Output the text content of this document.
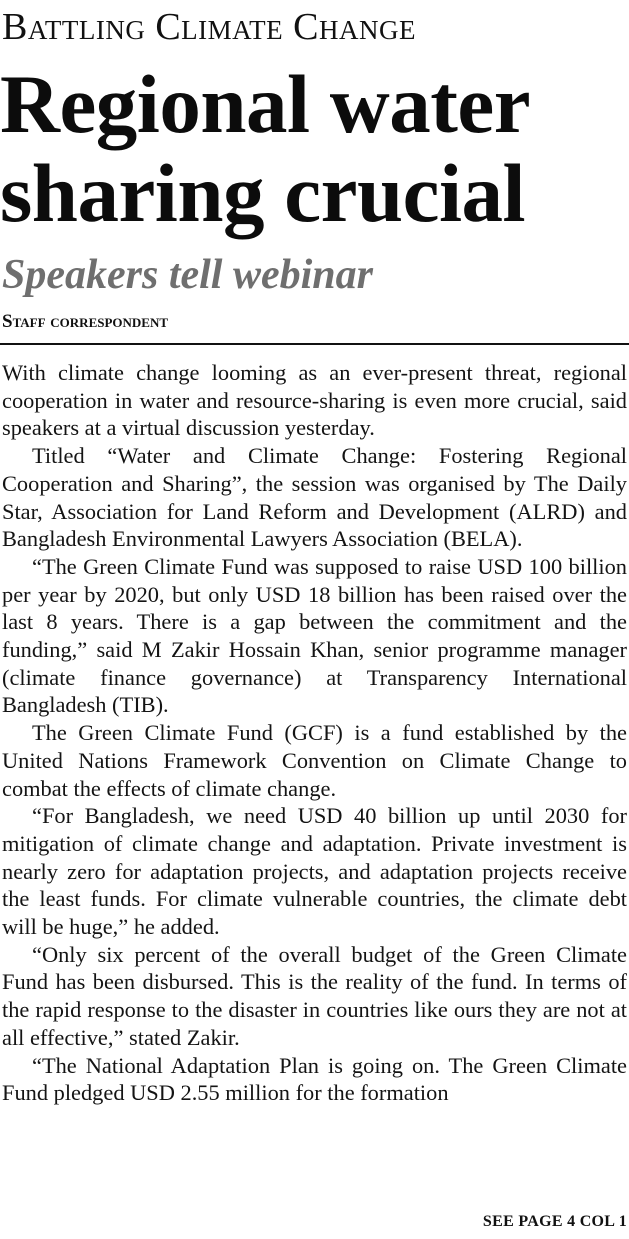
Battling Climate Change
Regional water
sharing crucial
Speakers tell webinar
Staff correspondent

With climate change looming as an ever-present threat, regional cooperation in water and resource-sharing is even more crucial, said speakers at a virtual discussion yesterday.

Titled “Water and Climate Change: Fostering Regional Cooperation and Sharing”, the session was organised by The Daily Star, Association for Land Reform and Development (ALRD) and Bangladesh Environmental Lawyers Association (BELA).

“The Green Climate Fund was supposed to raise USD 100 billion per year by 2020, but only USD 18 billion has been raised over the last 8 years. There is a gap between the commitment and the funding,” said M Zakir Hossain Khan, senior programme manager (climate finance governance) at Transparency International Bangladesh (TIB).

The Green Climate Fund (GCF) is a fund established by the United Nations Framework Convention on Climate Change to combat the effects of climate change.

“For Bangladesh, we need USD 40 billion up until 2030 for mitigation of climate change and adaptation. Private investment is nearly zero for adaptation projects, and adaptation projects receive the least funds. For climate vulnerable countries, the climate debt will be huge,” he added.

“Only six percent of the overall budget of the Green Climate Fund has been disbursed. This is the reality of the fund. In terms of the rapid response to the disaster in countries like ours they are not at all effective,” stated Zakir.

“The National Adaptation Plan is going on. The Green Climate Fund pledged USD 2.55 million for the formation

SEE PAGE 4 COL 1
